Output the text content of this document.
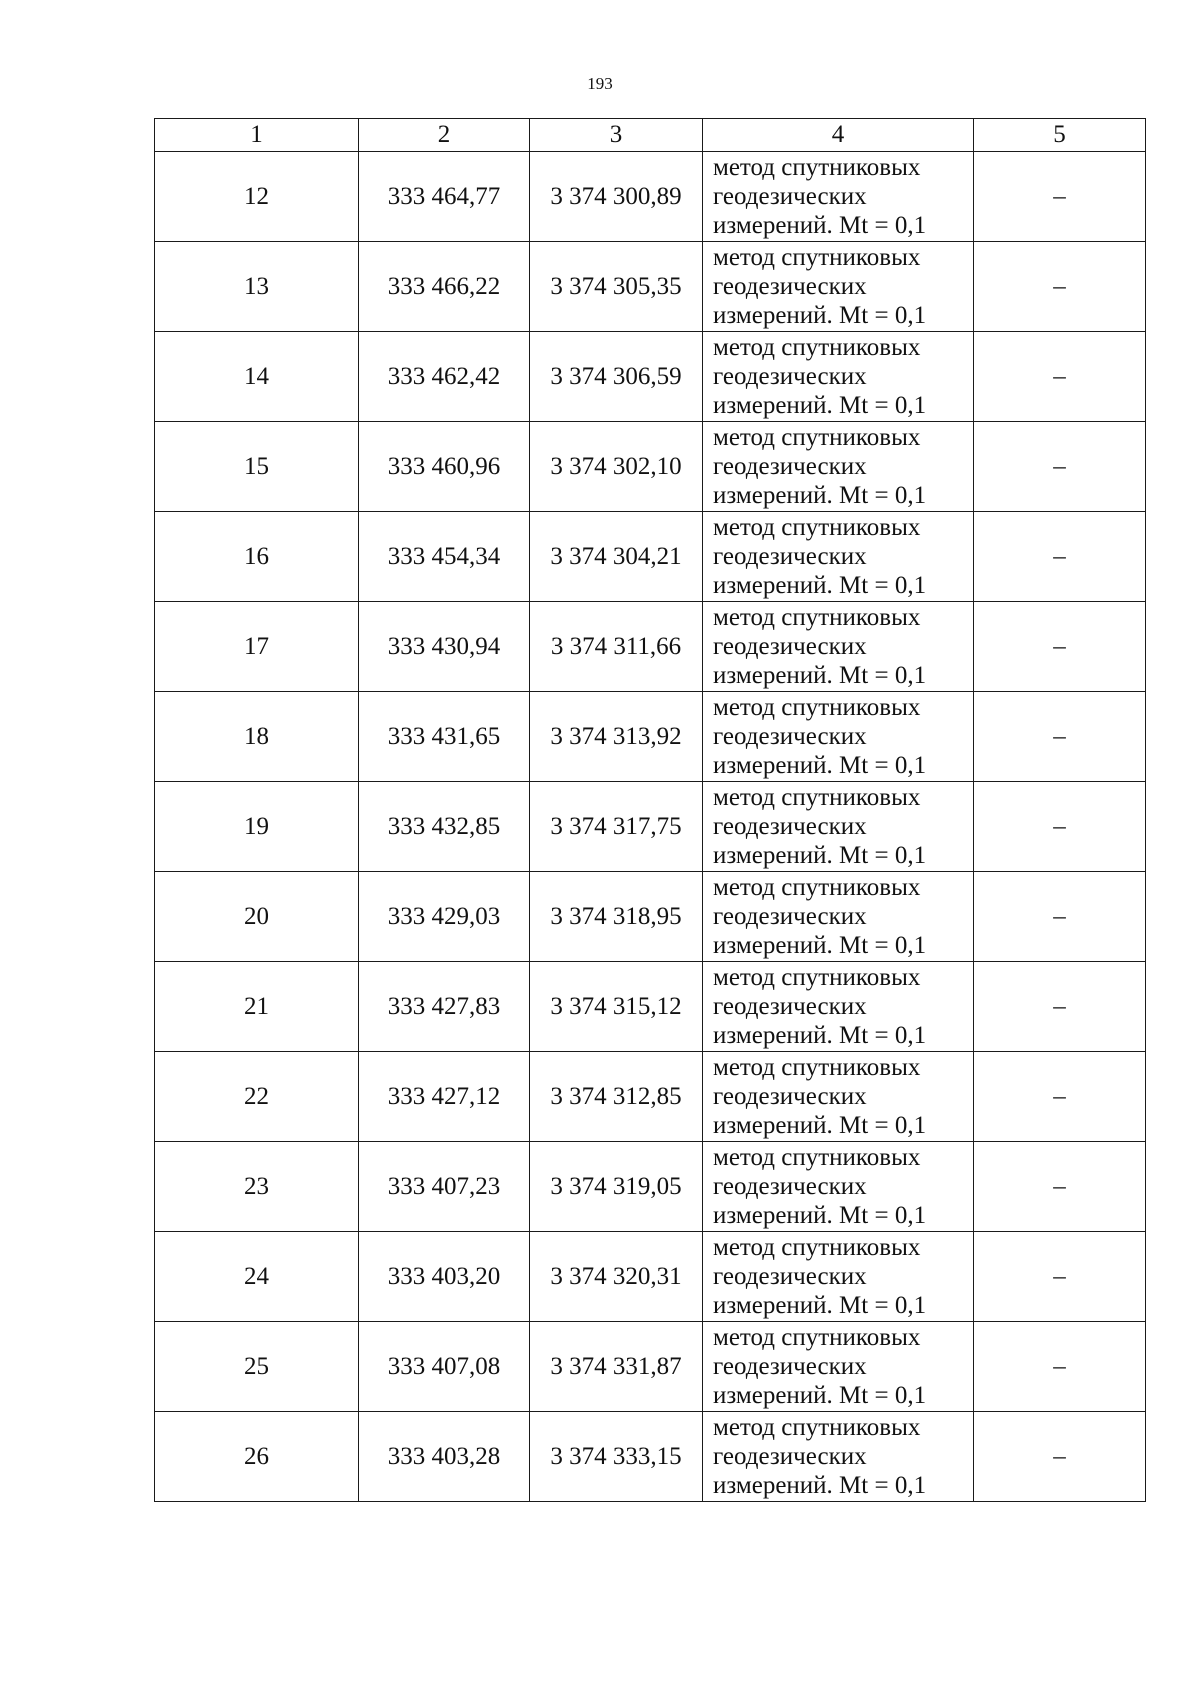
193
1	2	3	4	5
12	333 464,77	3 374 300,89	метод спутниковых
геодезических
измерений. Mt = 0,1	–
13	333 466,22	3 374 305,35	метод спутниковых
геодезических
измерений. Mt = 0,1	–
14	333 462,42	3 374 306,59	метод спутниковых
геодезических
измерений. Mt = 0,1	–
15	333 460,96	3 374 302,10	метод спутниковых
геодезических
измерений. Mt = 0,1	–
16	333 454,34	3 374 304,21	метод спутниковых
геодезических
измерений. Mt = 0,1	–
17	333 430,94	3 374 311,66	метод спутниковых
геодезических
измерений. Mt = 0,1	–
18	333 431,65	3 374 313,92	метод спутниковых
геодезических
измерений. Mt = 0,1	–
19	333 432,85	3 374 317,75	метод спутниковых
геодезических
измерений. Mt = 0,1	–
20	333 429,03	3 374 318,95	метод спутниковых
геодезических
измерений. Mt = 0,1	–
21	333 427,83	3 374 315,12	метод спутниковых
геодезических
измерений. Mt = 0,1	–
22	333 427,12	3 374 312,85	метод спутниковых
геодезических
измерений. Mt = 0,1	–
23	333 407,23	3 374 319,05	метод спутниковых
геодезических
измерений. Mt = 0,1	–
24	333 403,20	3 374 320,31	метод спутниковых
геодезических
измерений. Mt = 0,1	–
25	333 407,08	3 374 331,87	метод спутниковых
геодезических
измерений. Mt = 0,1	–
26	333 403,28	3 374 333,15	метод спутниковых
геодезических
измерений. Mt = 0,1	–
